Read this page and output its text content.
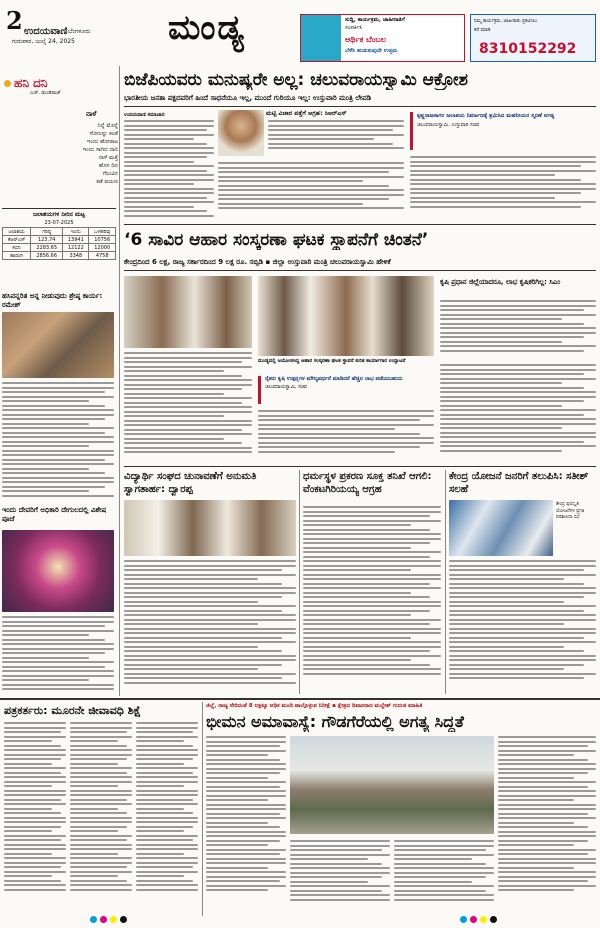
2 ಉದಯವಾಣಿ ಬೆಂಗಳೂರು
ಗುರುವಾರ, ಜುಲೈ 24, 2025	ಮಂಡ್ಯ	ಸುದ್ದಿ, ಕಾರ್ಯಕ್ರಮ, ಜಾಹೀರಾತಿಗೆ
ಸಂಪರ್ಕಿಸಿ
ಆರ್ಥಿಕ ಬೆಂಬಲ
ಬೆಳೆಸಿ ಹುಡುಕುವುದೇ ಉತ್ತಮ
ನಿಮ್ಮ ಕಾರ್ಯಕ್ರಮ, ಜಾಹೀರಾತು ಪ್ರಕಟಿಸಲು
ಕರೆ ಮಾಡಿ
8310152292
ಹನಿ ದನಿ
ಎಚ್. ಡುಂಡಿರಾಜ್
ನಾಳೆ
ನಿನ್ನೆ ಮೊನ್ನೆ
ಸೋಲನ್ನು ಕಂಡೆ
ಇಂದು ಹೋರಾಟ
ಇಂದು ಸಾಗಿದ ದಾರಿ
ನಾಳೆ ಮತ್ತೆ
ಹೊಸ ದಿನ
ಗೆಲುವಿನ
ಕಡೆ ಪಯಣ
ಜಲಾಶಯಗಳ ನೀರಿನ ಮಟ್ಟ
23-07-2025
ಜಲಾಶಯ	ಗರಿಷ್ಠ	ಇಂದು	ಒಳಹರಿವು
ಕೆಆರ್‌ಎಸ್	123.74	13941	10756
ಕಬಿನಿ	2283.65	12122	12000
ಹಾರಂಗಿ	2856.66	3348	4758
ಹಸಿವನ್ನರಿತ ಅನ್ನ ನೀಡುವುದು ಶ್ರೇಷ್ಠ ಕಾರ್ಯ: ರಮೇಶ್
ಇಂದು ದೇವರಿಗೆ ಅಧಿಕಾರಿ ದೇಗುಲದಲ್ಲಿ ವಿಶೇಷ ಪೂಜೆ
ಬಿಜೆಪಿಯವರು ಮನುಷ್ಯರೇ ಅಲ್ಲ: ಚಲುವರಾಯಸ್ವಾಮಿ ಆಕ್ರೋಶ
ಭಾರತೀಯ ಜನತಾ ಪಕ್ಷದವರಿಗೆ ಹಿಂದೆ ಸಾಧನೆಯೂ ಇಲ್ಲ, ಮುಂದೆ ಗುರಿಯೂ ಇಲ್ಲ: ಉಸ್ತುವಾರಿ ಮಂತ್ರಿ ಲೇವಡಿ
ಉದಯವಾಣಿ ಸಮಾಚಾರ	ಮಟ್ಟಿ ವಿಚಾರ ಪತ್ತೆಗೆ ಆಗ್ರಹ: ಸಿಆರ್‌ಎಸ್	ಕೃಷ್ಣರಾಜಸಾಗರ ಜಲಾಶಯ ನಿರ್ಮಾಣಕ್ಕೆ ಶ್ರಮಿಸಿದ ಮಹನೀಯರ ಸ್ಮರಣೆ ಅಗತ್ಯ
ಚಲುವರಾಯಸ್ವಾಮಿ, ಉಸ್ತುವಾರಿ ಸಚಿವ
‘6 ಸಾವಿರ ಆಹಾರ ಸಂಸ್ಕರಣಾ ಘಟಕ ಸ್ಥಾಪನೆಗೆ ಚಿಂತನೆ’
ಕೇಂದ್ರದಿಂದ 6 ಲಕ್ಷ, ರಾಜ್ಯ ಸರ್ಕಾರದಿಂದ 9 ಲಕ್ಷ ರೂ. ಸಬ್ಸಿಡಿ ▪ ಜಿಲ್ಲಾ ಉಸ್ತುವಾರಿ ಮಂತ್ರಿ ಚಲುವರಾಯಸ್ವಾಮಿ ಹೇಳಿಕೆ
ಮಂಡ್ಯದಲ್ಲಿ ಆಯೋಜಿಸಿದ್ದ ಆಹಾರ ಸಂಸ್ಕರಣಾ ಘಟಕ ಸ್ಥಾಪನೆ ಕುರಿತ ಕಾರ್ಯಾಗಾರ ಉದ್ಘಾಟನೆ
ಕೃಷಿ ಪ್ರಧಾನ ಜಿಲ್ಲೆಯಾದರೂ, ಲಾಭ ಕೃಷಿಕರಿಗಿಲ್ಲ: ಸಿಎಂ
ರೈತರು ಕೃಷಿ ಉತ್ಪನ್ನಗಳ ಮೌಲ್ಯವರ್ಧನೆ ಮಾಡಿದರೆ ಹೆಚ್ಚಿನ ಲಾಭ ಪಡೆಯಬಹುದು
ಚಲುವರಾಯಸ್ವಾಮಿ, ಸಚಿವ
ವಿದ್ಯಾರ್ಥಿ ಸಂಘದ ಚುನಾವಣೆಗೆ ಅನುಮತಿ ಸ್ವಾಗತಾರ್ಹ: ದ್ವಾರಪ್ಪ
ಧರ್ಮಸ್ಥಳ ಪ್ರಕರಣ ಸೂಕ್ತ ತನಿಖೆ ಆಗಲಿ: ವೆಂಕಟಗಿರಿಯಯ್ಯ ಆಗ್ರಹ
ಕೇಂದ್ರ ಯೋಜನೆ ಜನರಿಗೆ ತಲುಪಿಸಿ: ಸತೀಶ್ ಸಲಹೆ
ಕೇಂದ್ರ ಪುರಸ್ಕೃತ ಯೋಜನೆಗಳ ಪ್ರಗತಿ ಪರಿಶೀಲನಾ ಸಭೆ
ಪತ್ರಕರ್ತರು: ಮೂರನೇ ಜೀವಾವಧಿ ಶಿಕ್ಷೆ	ಜಿಲ್ಲೆ, ರಾಜ್ಯ ಸೇರಿದಂತೆ 8 ಲಕ್ಷಕ್ಕೂ ಅಧಿಕ ಮಂದಿ ಪಾಲ್ಗೊಳ್ಳುವ ನಿರೀಕ್ಷೆ ▪ ಕ್ಷೇತ್ರದ ದಿವಾನರಾದ ಮಲ್ಲೇಶ್ ಗುರುಜಿ ಮಾಹಿತಿ
ಭೀಮನ ಅಮಾವಾಸ್ಯೆ: ಗೌಡಗೆರೆಯಲ್ಲಿ ಅಗತ್ಯ ಸಿದ್ಧತೆ
